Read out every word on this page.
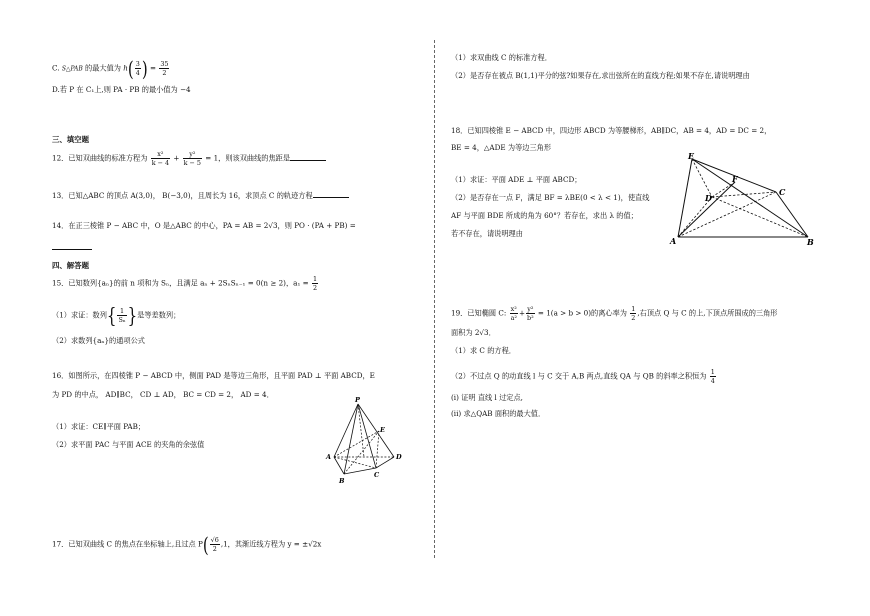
C. S△PAB 的最大值为 $h( \frac{3}{4}$ ) = $\frac{35}{2}$
D.若 P 在 C₁上,则 PA · PB 的最小值为 −4
三、填空题
12．已知双曲线的标准方程为 $\frac{\text{x²}}{k - 4} + \frac{\text{y²}}{k - 5} = 1$，则该双曲线的焦距是
13．已知△ABC 的顶点 A(3,0)， B(−3,0)，且周长为 16，求顶点 C 的轨迹方程
14．在正三棱锥 P − ABC 中，O 是△ABC 的中心，PA = AB = 2√3，则 PO · (PA + PB) =
四、解答题
15．已知数列{aₙ}的前 n 项和为 Sₙ，且满足 aₙ + 2SₙSₙ₋₁ = 0(n ≥ 2)，$a_1 = \frac{1}{2}$
（1）求证：数列{ $\frac{1}{\text{Sₙ}}$ }是等差数列；
（2）求数列{aₙ}的通项公式
16．如图所示，在四棱锥 P − ABCD 中，侧面 PAD 是等边三角形，且平面 PAD ⊥ 平面 ABCD，E
为 PD 的中点， AD∥BC， CD ⊥ AD， BC = CD = 2， AD = 4．
（1）求证：CE∥平面 PAB；
（2）求平面 PAC 与平面 ACE 的夹角的余弦值
P
E
A	D
B
C
17．已知双曲线 C 的焦点在坐标轴上,且过点 $P( \frac{√6}{2} ,1$，其渐近线方程为 y = ±√2x
（1）求双曲线 C 的标准方程．
（2）是否存在被点 B(1,1)平分的弦?如果存在,求出弦所在的直线方程;如果不存在,请说明理由
18．已知四棱锥 E − ABCD 中，四边形 ABCD 为等腰梯形，AB∥DC，AB = 4，AD = DC = 2，
BE = 4，△ADE 为等边三角形
（1）求证：平面 ADE ⊥ 平面 ABCD；
（2）是否存在一点 F，满足 BF = λBE(0 < λ < 1)，使直线
AF 与平面 BDE 所成的角为 60°？若存在，求出 λ 的值；
若不存在，请说明理由
E
F
D
C
A	B
19．已知椭圆 C: $\frac{\text{x²}}{\text{a²}} + \frac{\text{y²}}{\text{b²}} = 1(a > b > 0)$的离心率为 $\frac{1}{2}$ ,右顶点 Q 与 C 的上,下顶点所围成的三角形
面积为 2√3．
（1）求 C 的方程．
（2）不过点 Q 的动直线 l 与 C 交于 A,B 两点,直线 QA 与 QB 的斜率之积恒为 $\frac{1}{4}$
(i) 证明 直线 l 过定点,
(ii) 求△QAB 面积的最大值．
